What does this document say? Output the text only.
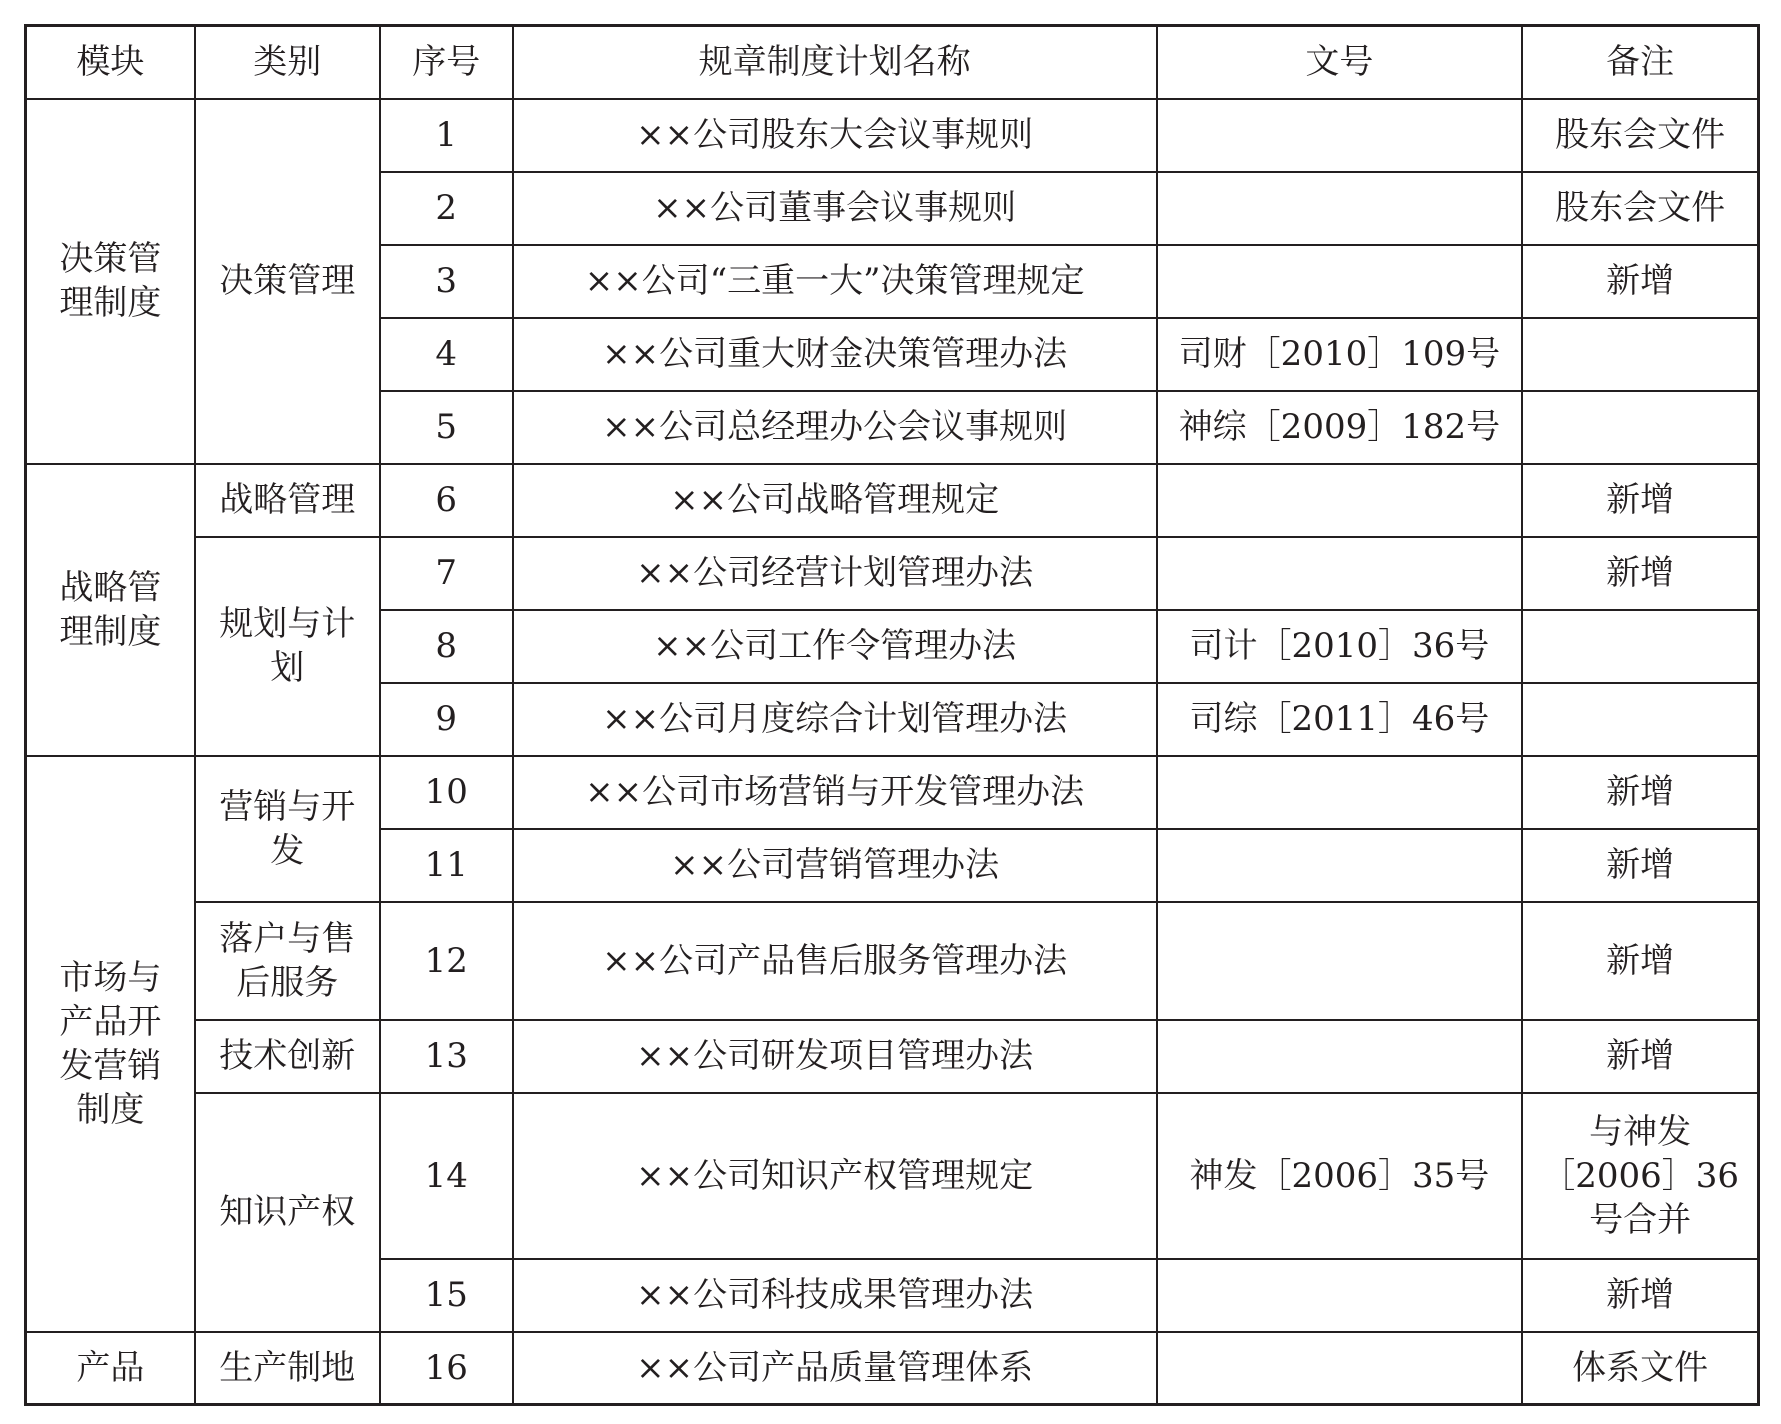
模块	类别	序号	规章制度计划名称	文号	备注
决策管理制度	决策管理	1	××公司股东大会议事规则		股东会文件
		2	××公司董事会议事规则		股东会文件
		3	××公司“三重一大”决策管理规定		新增
		4	××公司重大财金决策管理办法	司财［2010］109号	
		5	××公司总经理办公会议事规则	神综［2009］182号	
战略管理制度	战略管理	6	××公司战略管理规定		新增
	规划与计划	7	××公司经营计划管理办法		新增
		8	××公司工作令管理办法	司计［2010］36号	
		9	××公司月度综合计划管理办法	司综［2011］46号	
市场与产品开发营销制度	营销与开发	10	××公司市场营销与开发管理办法		新增
		11	××公司营销管理办法		新增
	落户与售后服务	12	××公司产品售后服务管理办法		新增
	技术创新	13	××公司研发项目管理办法		新增
	知识产权	14	××公司知识产权管理规定	神发［2006］35号	与神发［2006］36号合并
		15	××公司科技成果管理办法		新增
产品	生产制地	16	××公司产品质量管理体系		体系文件
